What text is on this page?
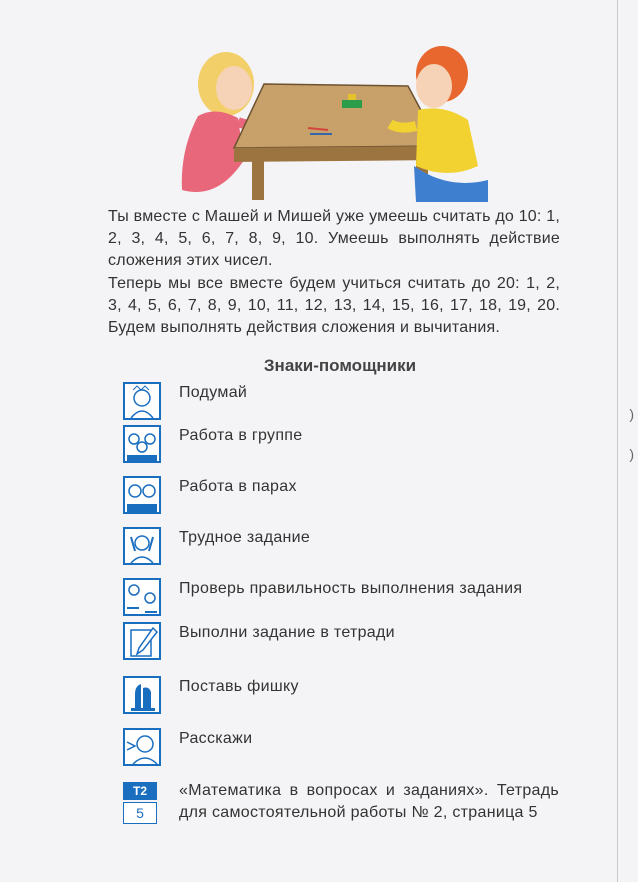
)
)

Ты вместе с Машей и Мишей уже умеешь считать до 10: 1, 2, 3, 4, 5, 6, 7, 8, 9, 10. Умеешь выполнять действие сложения этих чисел.

Теперь мы все вместе будем учиться считать до 20: 1, 2, 3, 4, 5, 6, 7, 8, 9, 10, 11, 12, 13, 14, 15, 16, 17, 18, 19, 20. Будем выполнять действия сложения и вычитания.

Знаки-помощники
Подумай
Работа в группе
Работа в парах
Трудное задание
Проверь правильность выполнения задания
Выполни задание в тетради
Поставь фишку
Расскажи
Т2
5
«Математика в вопросах и заданиях». Тетрадь для самостоятельной работы № 2, страница 5
